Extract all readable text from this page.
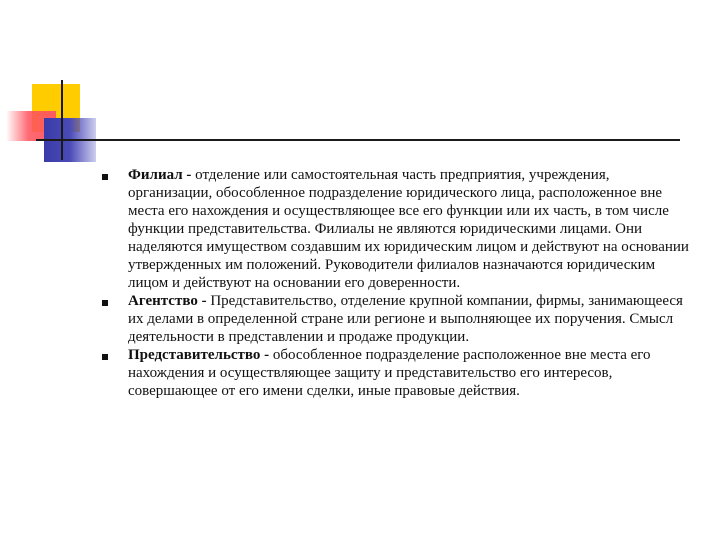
Филиал - отделение или самостоятельная часть предприятия, учреждения, организации, обособленное подразделение юридического лица, расположенное вне места его нахождения и осуществляющее все его функции или их часть, в том числе функции представительства. Филиалы не являются юридическими лицами. Они наделяются имуществом создавшим их юридическим лицом и действуют на основании утвержденных им положений. Руководители филиалов назначаются юридическим лицом и действуют на основании его доверенности.

Агентство - Представительство, отделение крупной компании, фирмы, занимающееся их делами в определенной стране или регионе и выполняющее их поручения. Смысл деятельности в представлении и продаже продукции.

Представительство - обособленное подразделение расположенное вне места его нахождения и осуществляющее защиту и представительство его интересов, совершающее от его имени сделки, иные правовые действия.
